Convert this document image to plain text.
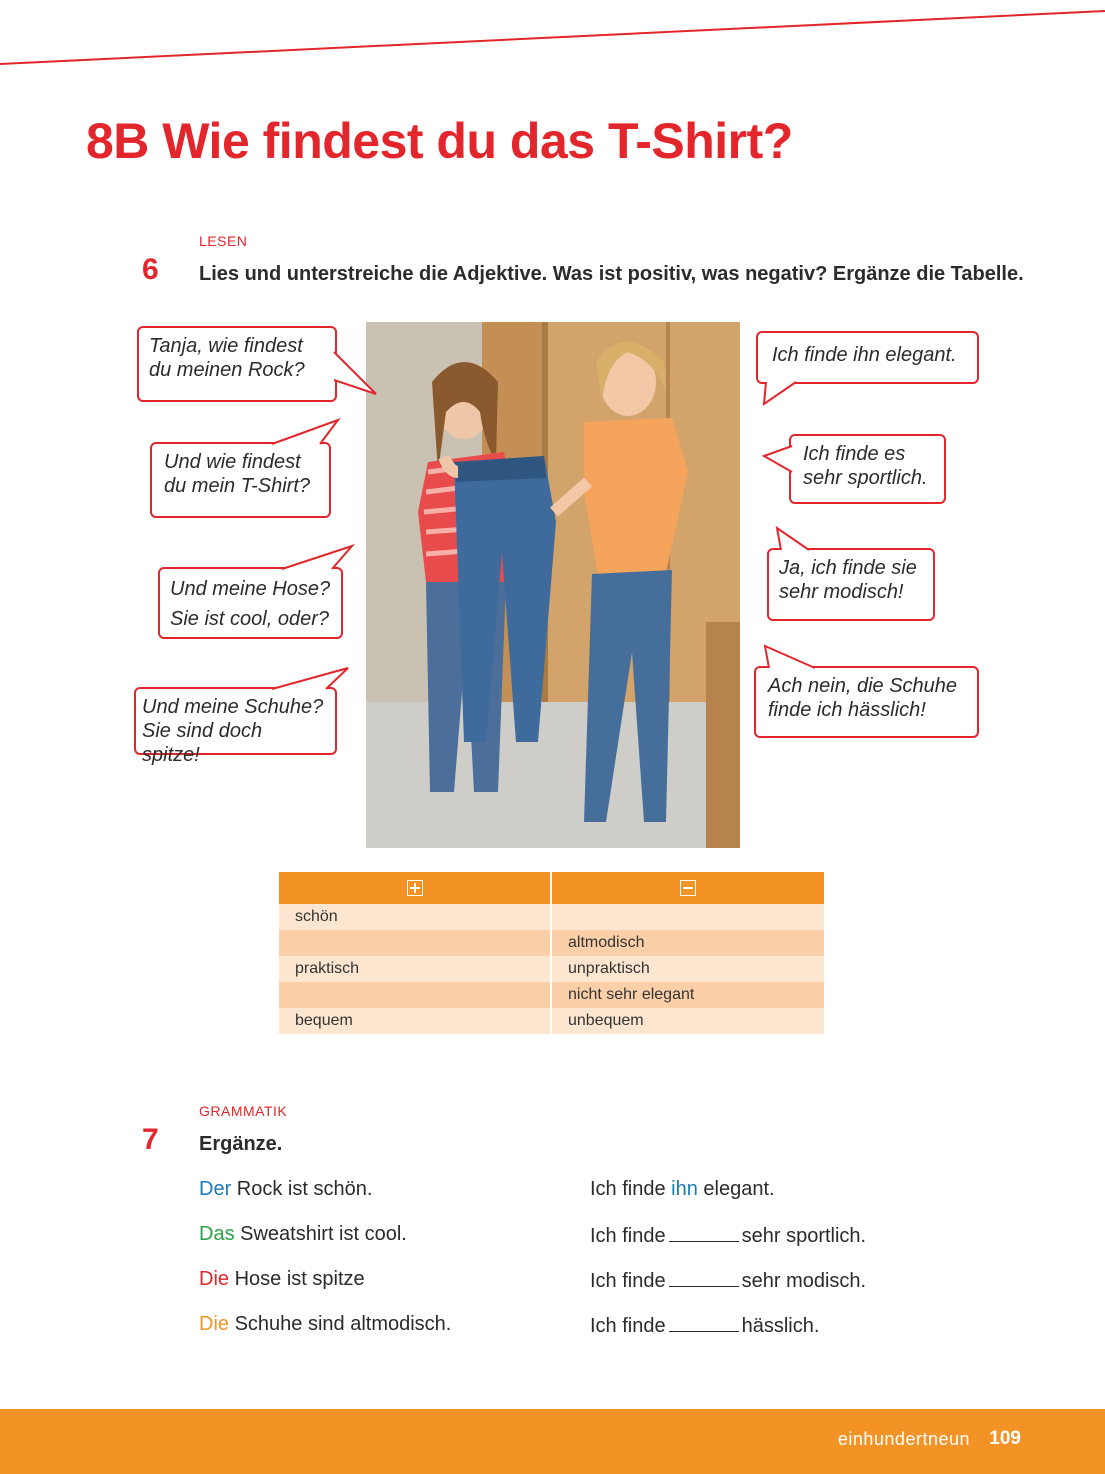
8B Wie findest du das T-Shirt?
LESEN
6 Lies und unterstreiche die Adjektive. Was ist positiv, was negativ? Ergänze die Tabelle.
Tanja, wie findest
du meinen Rock?
Und wie findest
du mein T-Shirt?
Und meine Hose?
Sie ist cool, oder?
Und meine Schuhe?
Sie sind doch spitze!
Ich finde ihn elegant.
Ich finde es
sehr sportlich.
Ja, ich finde sie
sehr modisch!
Ach nein, die Schuhe
finde ich hässlich!

schön	
	altmodisch
praktisch	unpraktisch
	nicht sehr elegant
bequem	unbequem
GRAMMATIK
7 Ergänze.
Der Rock ist schön.
Das Sweatshirt ist cool.
Die Hose ist spitze
Die Schuhe sind altmodisch.
Ich finde ihn elegant.
Ich finde	sehr sportlich.
Ich finde	sehr modisch.
Ich finde	hässlich.
einhundertneun 109
